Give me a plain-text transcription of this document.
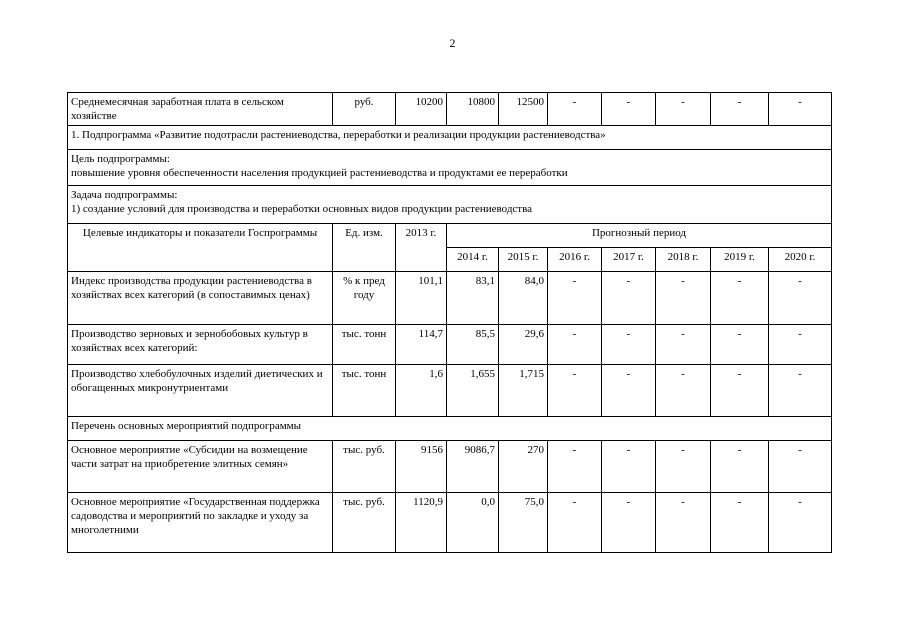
2
Среднемесячная заработная плата в сельском хозяйстве	руб.	10200	10800	12500	-	-	-	-	-
1. Подпрограмма «Развитие подотрасли растениеводства, переработки и реализации продукции растениеводства»									

Цель подпрограммы:
повышение уровня обеспеченности населения продукцией растениеводства и продуктами ее переработки									

Задача подпрограммы:
1) создание условий для производства и переработки основных видов продукции растениеводства									

Целевые индикаторы и показатели Госпрограммы	Ед. изм.	2013 г.	Прогнозный период						
			2014 г.	2015 г.	2016 г.	2017 г.	2018 г.	2019 г.	2020 г.
Индекс производства продукции растениеводства в хозяйствах всех категорий (в сопоставимых ценах)	% к пред году	101,1	83,1	84,0	-	-	-	-	-
Производство зерновых и зернобобовых культур в хозяйствах всех категорий:	тыс. тонн	114,7	85,5	29,6	-	-	-	-	-
Производство хлебобулочных изделий диетических и обогащенных микронутриентами	тыс. тонн	1,6	1,655	1,715	-	-	-	-	-
Перечень основных мероприятий подпрограммы									
Основное мероприятие «Субсидии на возмещение части затрат на приобретение элитных семян»	тыс. руб.	9156	9086,7	270	-	-	-	-	-
Основное мероприятие «Государственная поддержка садоводства и мероприятий по закладке и уходу за многолетними	тыс. руб.	1120,9	0,0	75,0	-	-	-	-	-
